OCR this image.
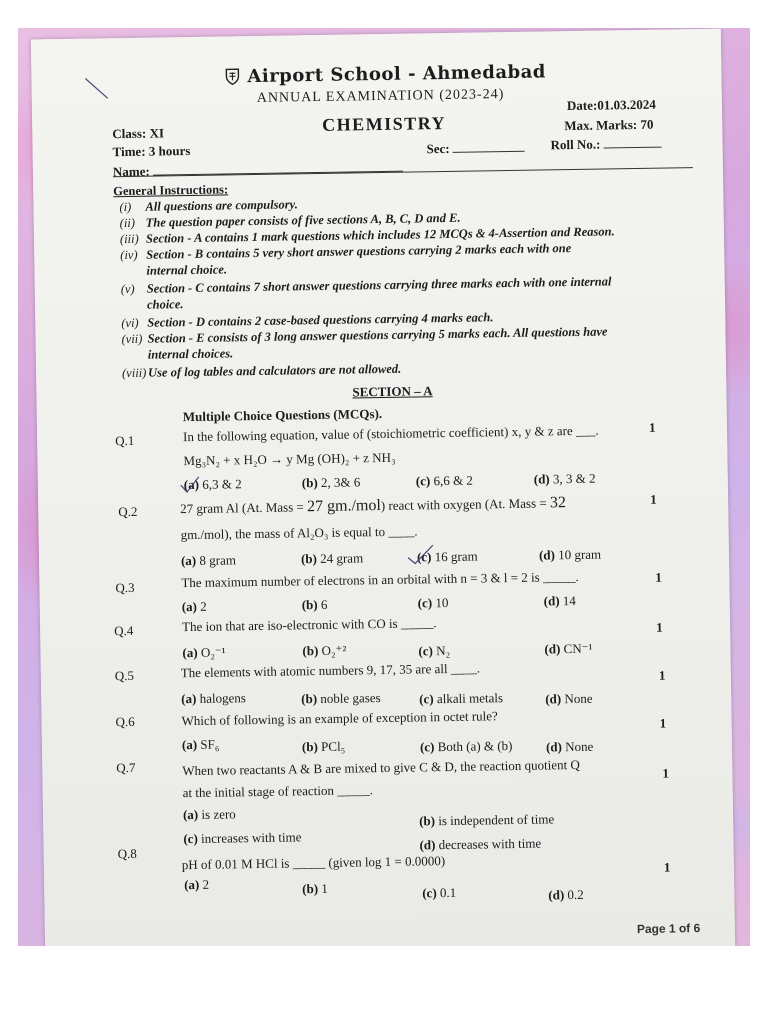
Airport School - Ahmedabad
ANNUAL EXAMINATION (2023-24)	Date:01.03.2024
Class: XI	CHEMISTRY	Max. Marks: 70
Time: 3 hours	Sec:	Roll No.:
Name:
General Instructions:
(i) All questions are compulsory.
(ii) The question paper consists of five sections A, B, C, D and E.
(iii) Section - A contains 1 mark questions which includes 12 MCQs & 4-Assertion and Reason.
(iv) Section - B contains 5 very short answer questions carrying 2 marks each with one
internal choice.
(v) Section - C contains 7 short answer questions carrying three marks each with one internal
choice.
(vi) Section - D contains 2 case-based questions carrying 4 marks each.
(vii) Section - E consists of 3 long answer questions carrying 5 marks each. All questions have
internal choices.
(viii)Use of log tables and calculators are not allowed.
SECTION – A
Multiple Choice Questions (MCQs).
Q.1	In the following equation, value of (stoichiometric coefficient) x, y & z are ___.	1
Mg₃N₂ + x H₂O → y Mg (OH)₂ + z NH₃
(a) 6,3 & 2	(b) 2, 3& 6	(c) 6,6 & 2	(d) 3, 3 & 2
Q.2	27 gram Al (At. Mass = 27 gm./mol) react with oxygen (At. Mass = 32	1
gm./mol), the mass of Al₂O₃ is equal to ____.
(a) 8 gram	(b) 24 gram	(c) 16 gram	(d) 10 gram
Q.3	The maximum number of electrons in an orbital with n = 3 & l = 2 is _____.	1
(a) 2	(b) 6	(c) 10	(d) 14
Q.4	The ion that are iso-electronic with CO is _____.	1
(a) O₂⁻¹	(b) O₂⁺²	(c) N₂	(d) CN⁻¹
Q.5	The elements with atomic numbers 9, 17, 35 are all ____.	1
(a) halogens	(b) noble gases	(c) alkali metals	(d) None
Q.6	Which of following is an example of exception in octet rule?	1
(a) SF₆	(b) PCl₅	(c) Both (a) & (b)	(d) None
Q.7	When two reactants A & B are mixed to give C & D, the reaction quotient Q	1
at the initial stage of reaction _____.
(a) is zero	(b) is independent of time
(c) increases with time	(d) decreases with time
Q.8	pH of 0.01 M HCl is _____ (given log 1 = 0.0000)	1
(a) 2	(b) 1	(c) 0.1	(d) 0.2
Page 1 of 6
